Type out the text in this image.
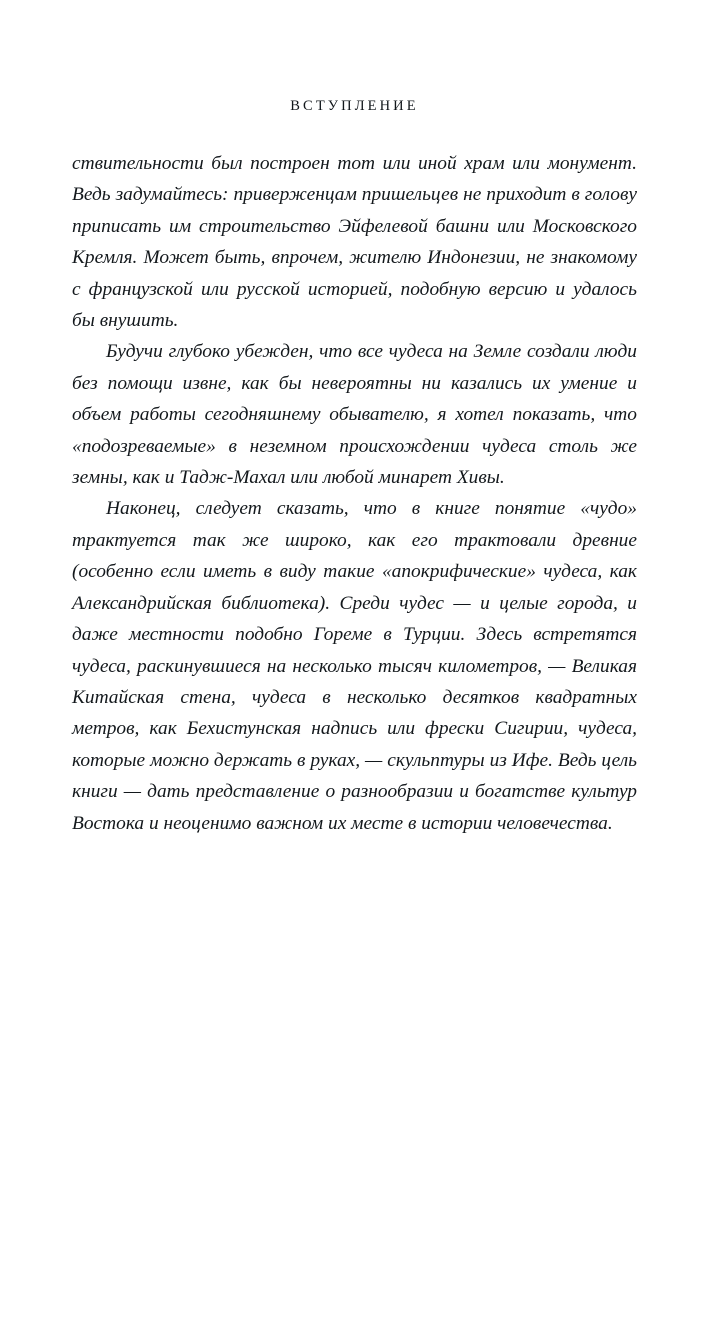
ВСТУПЛЕНИЕ

ствительности был построен тот или иной храм или монумент. Ведь задумайтесь: приверженцам пришельцев не приходит в голову приписать им строительство Эйфелевой башни или Московского Кремля. Может быть, впрочем, жителю Индонезии, не знакомому с французской или русской историей, подобную версию и удалось бы внушить.

Будучи глубоко убежден, что все чудеса на Земле создали люди без помощи извне, как бы невероятны ни казались их умение и объем работы сегодняшнему обывателю, я хотел показать, что «подозреваемые» в неземном происхождении чудеса столь же земны, как и Тадж-Махал или любой минарет Хивы.

Наконец, следует сказать, что в книге понятие «чудо» трактуется так же широко, как его трактовали древние (особенно если иметь в виду такие «апокрифические» чудеса, как Александрийская библиотека). Среди чудес — и целые города, и даже местности подобно Гореме в Турции. Здесь встретятся чудеса, раскинувшиеся на несколько тысяч километров, — Великая Китайская стена, чудеса в несколько десятков квадратных метров, как Бехистунская надпись или фрески Сигирии, чудеса, которые можно держать в руках, — скульптуры из Ифе. Ведь цель книги — дать представление о разнообразии и богатстве культур Востока и неоценимо важном их месте в истории человечества.
